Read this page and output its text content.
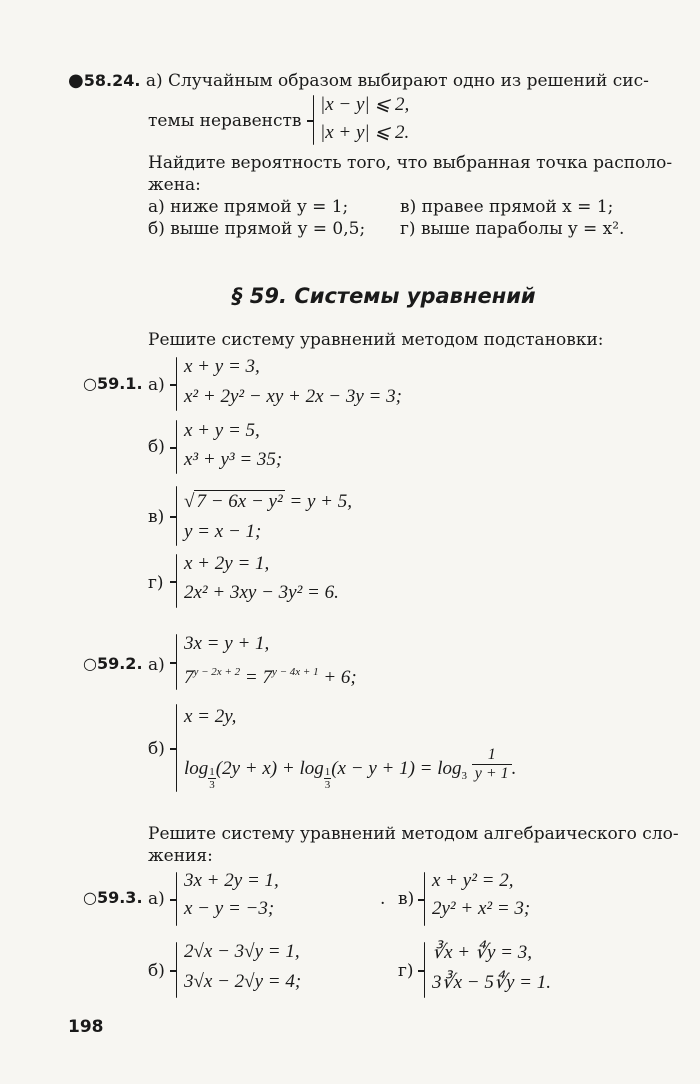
●58.24. а) Случайным образом выбирают одно из решений сис-
темы неравенств
|x − y| ⩽ 2,
|x + y| ⩽ 2.
Найдите вероятность того, что выбранная точка располо-
жена:
а) ниже прямой y = 1;	в) правее прямой x = 1;
б) выше прямой y = 0,5; г) выше параболы y = x².
§ 59. Системы уравнений
Решите систему уравнений методом подстановки:
○59.1. а)
x + y = 3,
x² + 2y² − xy + 2x − 3y = 3;
б)
x + y = 5,
x³ + y³ = 35;
в)
√ 7 − 6x − y² = y + 5,
y = x − 1;
г)
x + 2y = 1,
2x² + 3xy − 3y² = 6.
○59.2. а)
3x = y + 1,
$7^{y - 2x + 2} = 7^{y - 4x + 1} + 6$;
б)
x = 2y,
$\log \frac{1}{3} (2y + x) + \log \frac{1}{3} (x - y + 1) = \log_3 \frac{1}{y + 1}$ .
Решите систему уравнений методом алгебраического сло-
жения:
○59.3. а)
3x + 2y = 1,
x − y = −3;	. в)
x + y² = 2,
2y² + x² = 3;
б)
2√x − 3√y = 1,
3√x − 2√y = 4;	г)
∛x + ∜y = 3,
3∛x − 5∜y = 1.
198
